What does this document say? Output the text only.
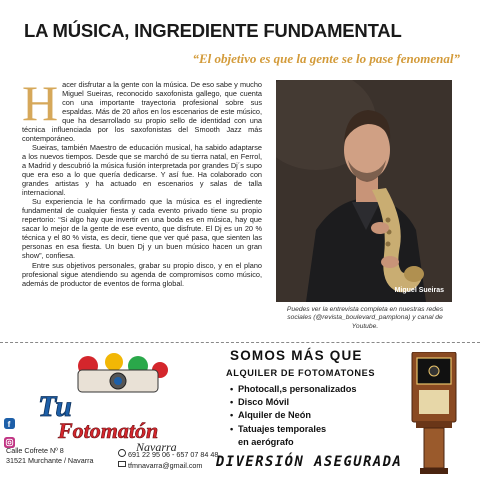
LA MÚSICA, INGREDIENTE FUNDAMENTAL
“El objetivo es que la gente se lo pase fenomenal”

Hacer disfrutar a la gente con la música. De eso sabe y mucho Miguel Sueiras, reconocido saxofonista gallego, que cuenta con una importante trayectoria profesional sobre sus espaldas. Más de 20 años en los escenarios de este músico, que ha desarrollado su propio sello de identidad con una técnica influenciada por los saxofonistas del Smooth Jazz más contemporáneo.

Sueiras, también Maestro de educación musical, ha sabido adaptarse a los nuevos tiempos. Desde que se marchó de su tierra natal, en Ferrol, a Madrid y descubrió la música fusión interpretada por grandes Dj´s supo que era eso a lo que quería dedicarse. Y así fue. Ha colaborado con grandes artistas y ha actuado en escenarios y salas de talla internacional.

Su experiencia le ha confirmado que la música es el ingrediente fundamental de cualquier fiesta y cada evento privado tiene su propio repertorio: “Si algo hay que invertir en una boda es en música, hay que sacar lo mejor de la gente de ese evento, que disfrute. El Dj es un 20 % técnica y el 80 % vista, es decir, tiene que ver qué pasa, que sienten las personas en esa fiesta. Un buen Dj y un buen músico hacen un gran show”, confiesa.

Entre sus objetivos personales, grabar su propio disco, y en el plano profesional sigue atendiendo su agenda de compromisos como músico, además de productor de eventos de forma global.

Miguel Sueiras
Puedes ver la entrevista completa en nuestras redes sociales (@revista_boulevard_pamplona) y canal de Youtube.
Tu
Fotomatón
Navarra
f

Calle Cofrete Nº 8
31521 Murchante / Navarra
691 22 95 06 - 657 07 84 48
tfmnavarra@gmail.com
SOMOS MÁS QUE
ALQUILER DE FOTOMATONES
• Photocall,s personalizados
• Disco Móvil
• Alquiler de Neón
• Tatuajes temporales
en aerógrafo
DIVERSIÓN ASEGURADA
